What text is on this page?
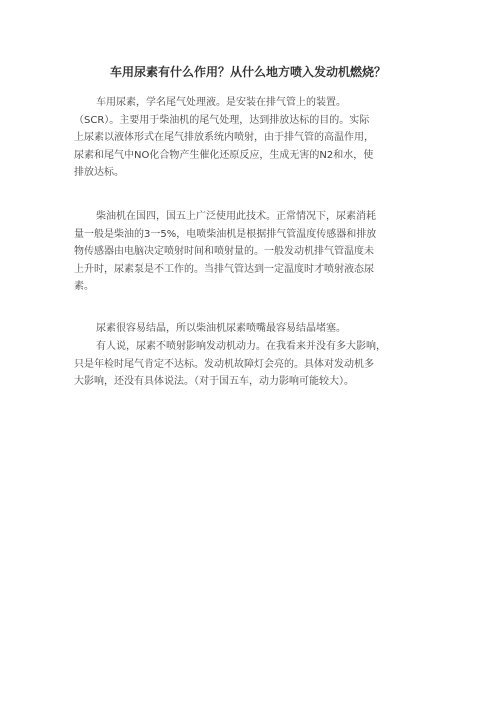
车用尿素有什么作用？从什么地方喷入发动机燃烧？
车用尿素，学名尾气处理液。是安装在排气管上的装置。
（SCR）。主要用于柴油机的尾气处理，达到排放达标的目的。实际
上尿素以液体形式在尾气排放系统内喷射，由于排气管的高温作用，
尿素和尾气中NO化合物产生催化还原反应，生成无害的N2和水，使
排放达标。
柴油机在国四，国五上广泛使用此技术。正常情况下，尿素消耗
量一般是柴油的3一5%，电喷柴油机是根据排气管温度传感器和排放
物传感器由电脑决定喷射时间和喷射量的。一般发动机排气管温度未
上升时，尿素泵是不工作的。当排气管达到一定温度时才喷射液态尿
素。
尿素很容易结晶，所以柴油机尿素喷嘴最容易结晶堵塞。
有人说，尿素不喷射影响发动机动力。在我看来并没有多大影响，
只是年检时尾气肯定不达标。发动机故障灯会亮的。具体对发动机多
大影响，还没有具体说法。（对于国五车，动力影响可能较大）。
